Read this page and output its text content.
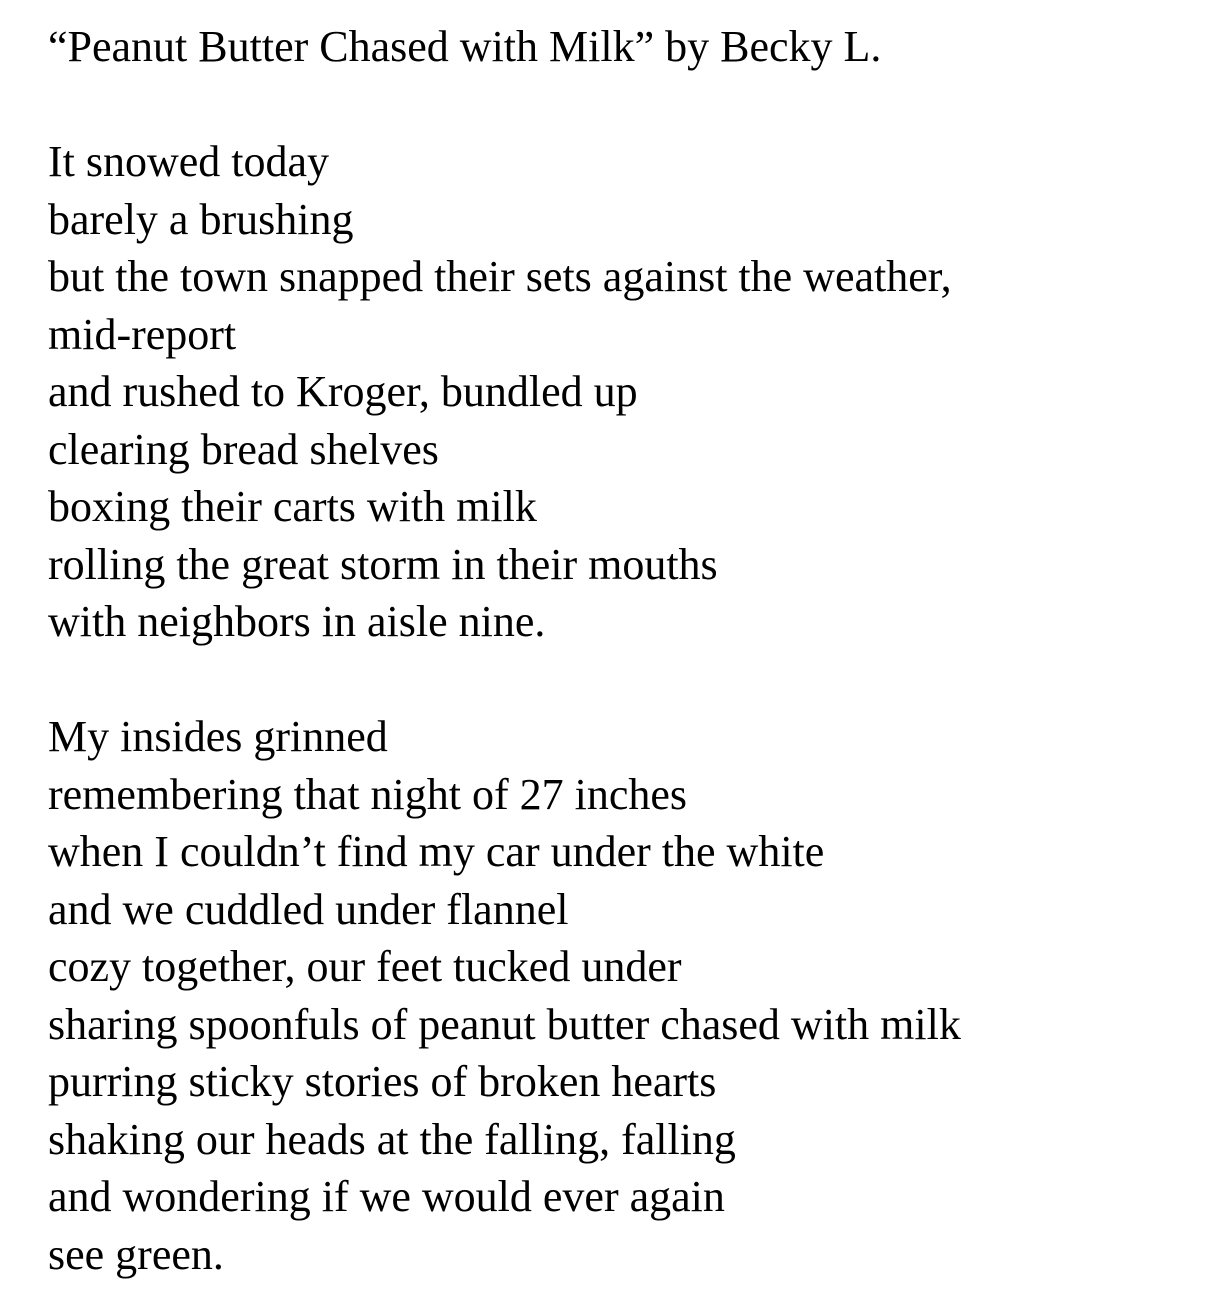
“Peanut Butter Chased with Milk” by Becky L.
It snowed today
barely a brushing
but the town snapped their sets against the weather,
mid-report
and rushed to Kroger, bundled up
clearing bread shelves
boxing their carts with milk
rolling the great storm in their mouths
with neighbors in aisle nine.
My insides grinned
remembering that night of 27 inches
when I couldn’t find my car under the white
and we cuddled under flannel
cozy together, our feet tucked under
sharing spoonfuls of peanut butter chased with milk
purring sticky stories of broken hearts
shaking our heads at the falling, falling
and wondering if we would ever again
see green.
